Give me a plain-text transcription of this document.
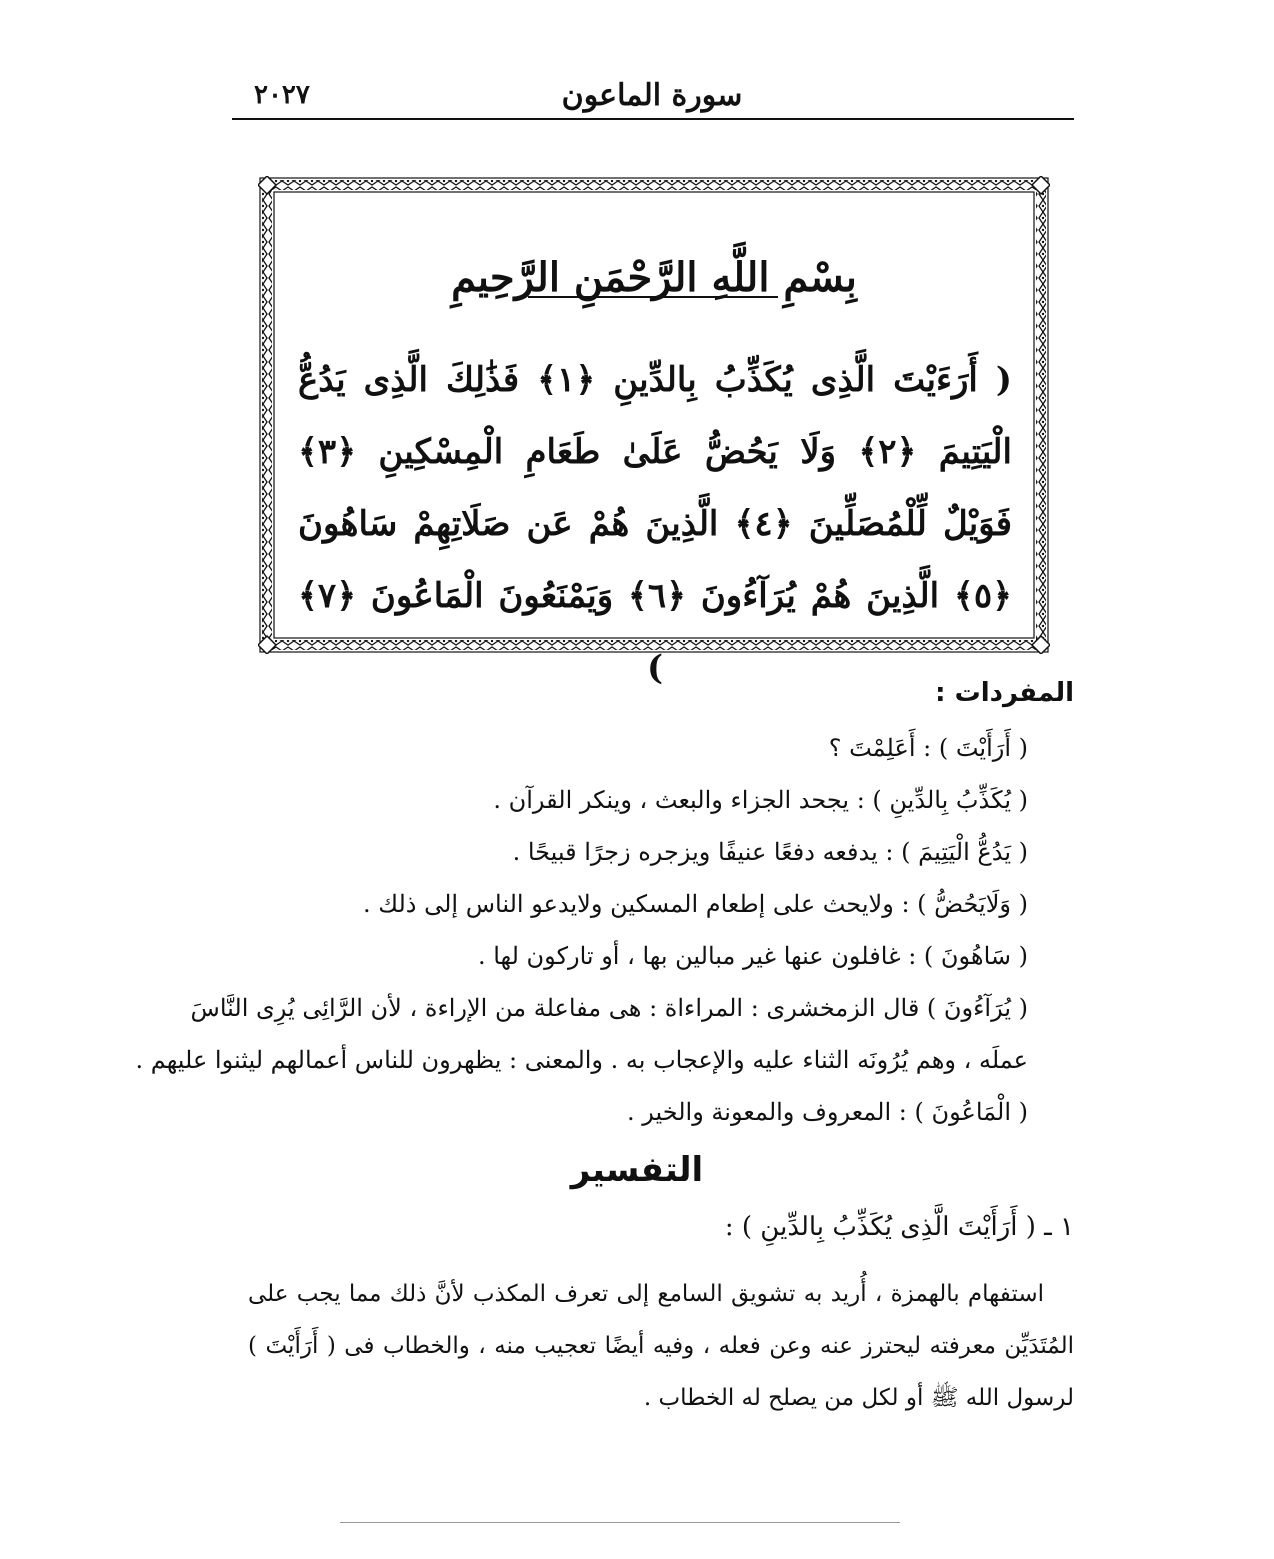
٢٠٢٧	سورة الماعون
بِسْمِ اللَّهِ الرَّحْمَنِ الرَّحِيمِ
( أَرَءَيْتَ الَّذِى يُكَذِّبُ بِالدِّينِ ﴿١﴾ فَذَٰلِكَ الَّذِى يَدُعُّ الْيَتِيمَ ﴿٢﴾ وَلَا يَحُضُّ عَلَىٰ طَعَامِ الْمِسْكِينِ ﴿٣﴾ فَوَيْلٌ لِّلْمُصَلِّينَ ﴿٤﴾ الَّذِينَ هُمْ عَن صَلَاتِهِمْ سَاهُونَ ﴿٥﴾ الَّذِينَ هُمْ يُرَآءُونَ ﴿٦﴾ وَيَمْنَعُونَ الْمَاعُونَ ﴿٧﴾ )
المفردات :
( أَرَأَيْتَ ) : أَعَلِمْتَ ؟
( يُكَذِّبُ بِالدِّينِ ) : يجحد الجزاء والبعث ، وينكر القرآن .
( يَدُعُّ الْيَتِيمَ ) : يدفعه دفعًا عنيفًا ويزجره زجرًا قبيحًا .
( وَلَايَحُضُّ ) : ولايحث على إطعام المسكين ولايدعو الناس إلى ذلك .
( سَاهُونَ ) : غافلون عنها غير مبالين بها ، أو تاركون لها .
( يُرَآءُونَ ) قال الزمخشرى : المراءاة : هى مفاعلة من الإراءة ، لأن الرَّائِى يُرِى النَّاسَ
عملَه ، وهم يُرُونَه الثناء عليه والإعجاب به . والمعنى : يظهرون للناس أعمالهم ليثنوا عليهم .
( الْمَاعُونَ ) : المعروف والمعونة والخير .
التفسير
١ ـ ( أَرَأَيْتَ الَّذِى يُكَذِّبُ بِالدِّينِ ) :
استفهام بالهمزة ، أُريد به تشويق السامع إلى تعرف المكذب لأنَّ ذلك مما يجب على المُتَدَيِّن معرفته ليحترز عنه وعن فعله ، وفيه أيضًا تعجيب منه ، والخطاب فى ( أَرَأَيْتَ ) لرسول الله ﷺ أو لكل من يصلح له الخطاب .
